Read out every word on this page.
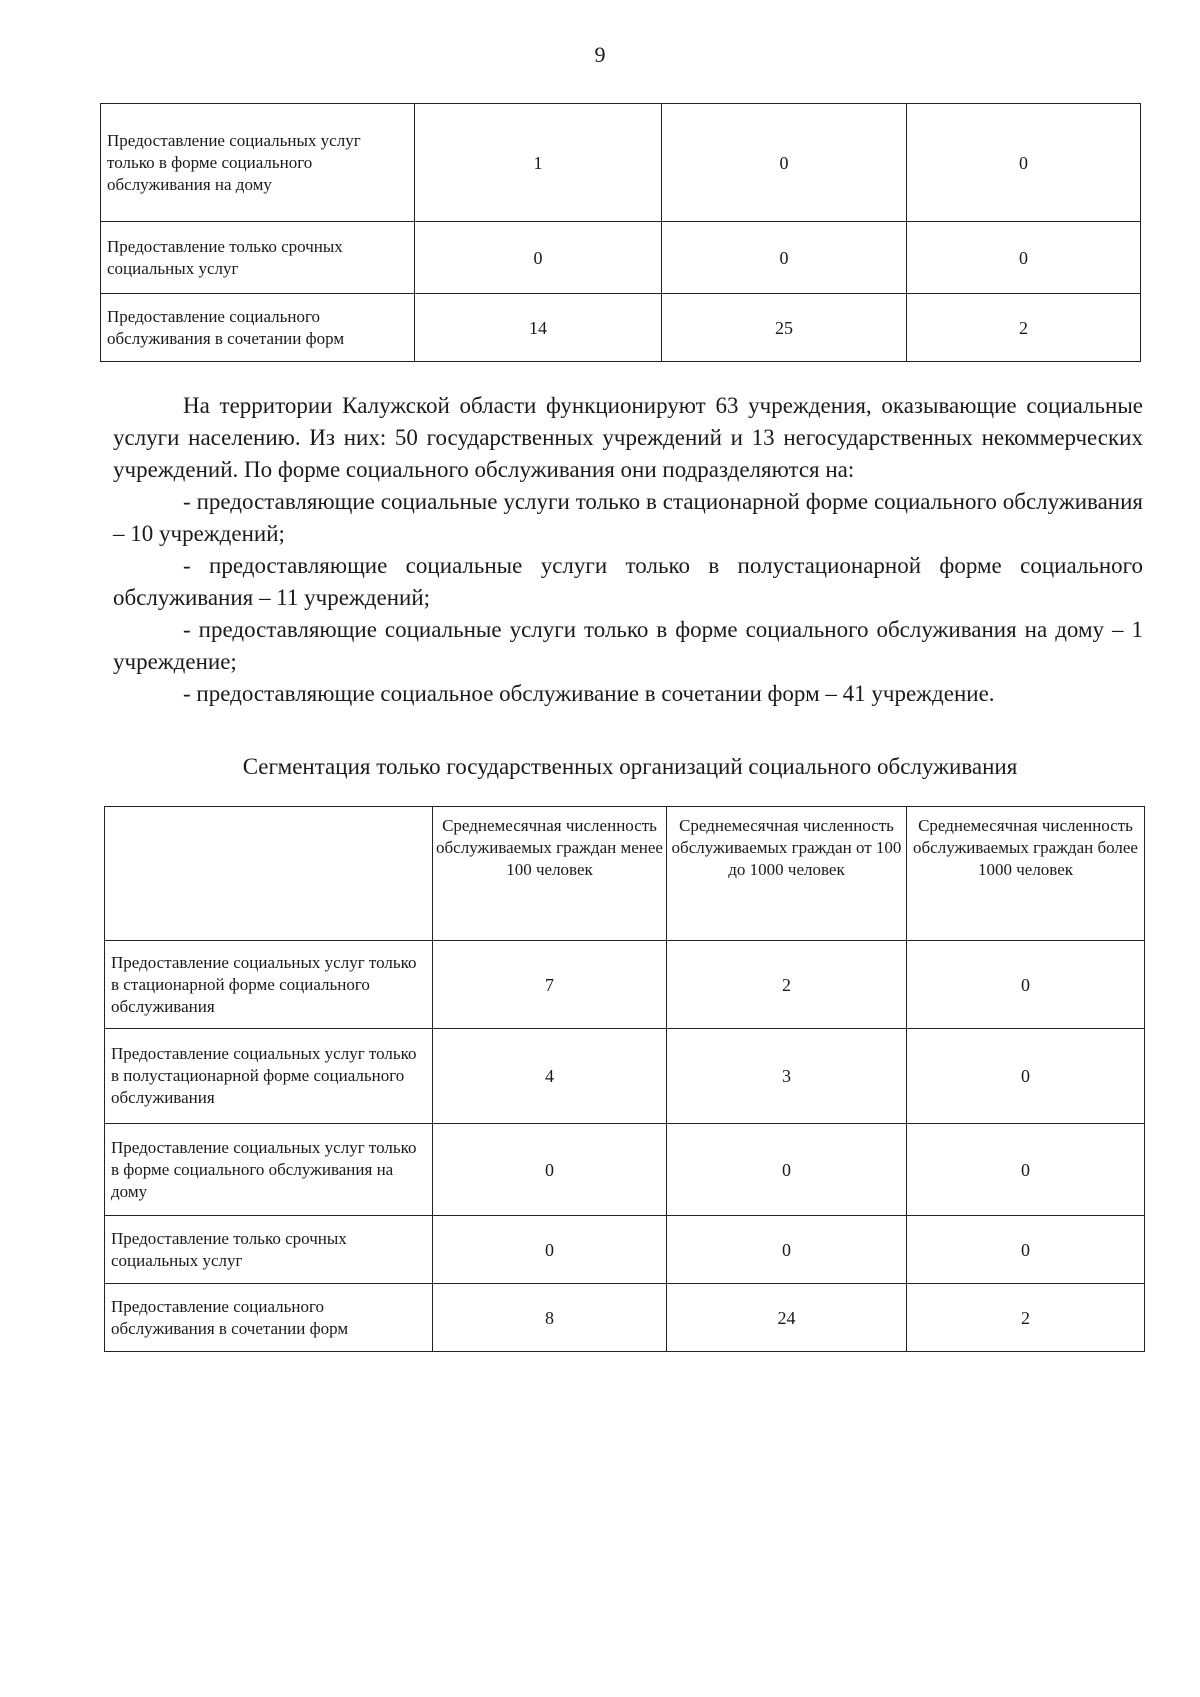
9
Предоставление социальных услуг только в форме социального обслуживания на дому	1	0	0
Предоставление только срочных социальных услуг	0	0	0
Предоставление социального обслуживания в сочетании форм	14	25	2

На территории Калужской области функционируют 63 учреждения, оказывающие социальные услуги населению. Из них: 50 государственных учреждений и 13 негосударственных некоммерческих учреждений. По форме социального обслуживания они подразделяются на:

- предоставляющие социальные услуги только в стационарной форме социального обслуживания – 10 учреждений;

- предоставляющие социальные услуги только в полустационарной форме социального обслуживания – 11 учреждений;

- предоставляющие социальные услуги только в форме социального обслуживания на дому – 1 учреждение;

- предоставляющие социальное обслуживание в сочетании форм – 41 учреждение.

Сегментация только государственных организаций социального обслуживания
	Среднемесячная численность обслуживаемых граждан менее 100 человек	Среднемесячная численность обслуживаемых граждан от 100 до 1000 человек	Среднемесячная численность обслуживаемых граждан более 1000 человек
Предоставление социальных услуг только в стационарной форме социального обслуживания	7	2	0
Предоставление социальных услуг только в полустационарной форме социального обслуживания	4	3	0
Предоставление социальных услуг только в форме социального обслуживания на дому	0	0	0
Предоставление только срочных социальных услуг	0	0	0
Предоставление социального обслуживания в сочетании форм	8	24	2
